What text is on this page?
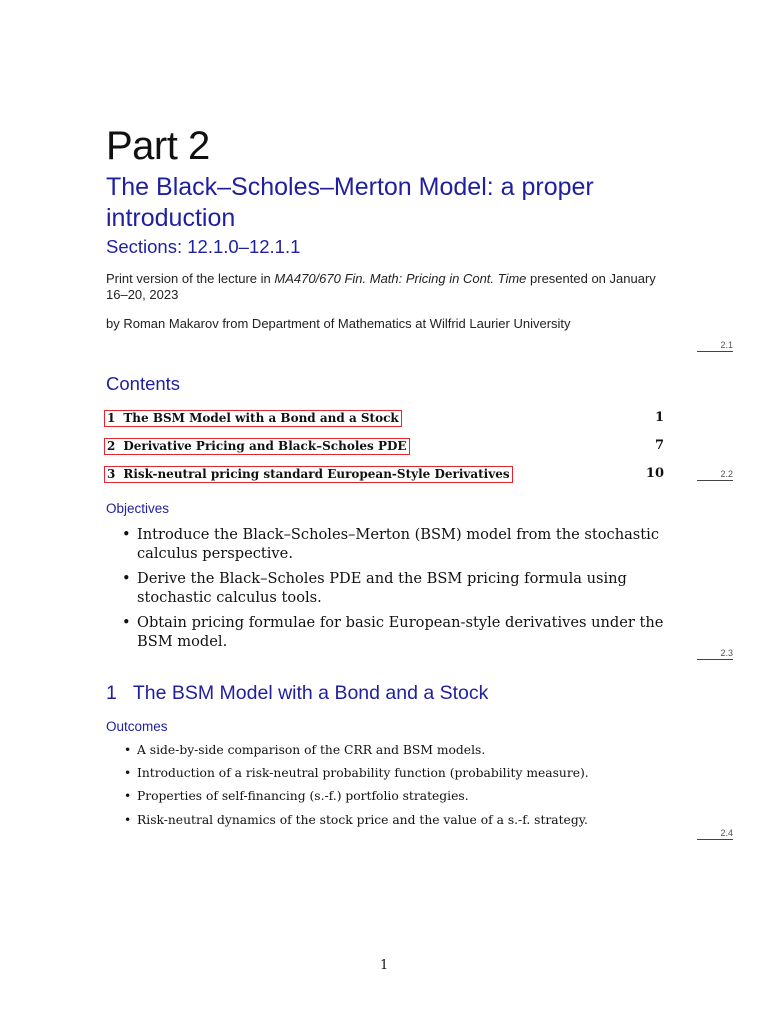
Part 2
The Black–Scholes–Merton Model: a proper introduction
Sections: 12.1.0–12.1.1
Print version of the lecture in MA470/670 Fin. Math: Pricing in Cont. Time presented on January 16–20, 2023
by Roman Makarov from Department of Mathematics at Wilfrid Laurier University
2.1
Contents
1 The BSM Model with a Bond and a Stock	1
2 Derivative Pricing and Black–Scholes PDE	7
3 Risk-neutral pricing standard European-Style Derivatives	10	2.2
Objectives
• Introduce the Black–Scholes–Merton (BSM) model from the stochastic calculus perspective.
• Derive the Black–Scholes PDE and the BSM pricing formula using stochastic calculus tools.
• Obtain pricing formulae for basic European-style derivatives under the BSM model.
2.3
1 The BSM Model with a Bond and a Stock
Outcomes
• A side-by-side comparison of the CRR and BSM models.
• Introduction of a risk-neutral probability function (probability measure).
• Properties of self-financing (s.-f.) portfolio strategies.
• Risk-neutral dynamics of the stock price and the value of a s.-f. strategy.
2.4
1
